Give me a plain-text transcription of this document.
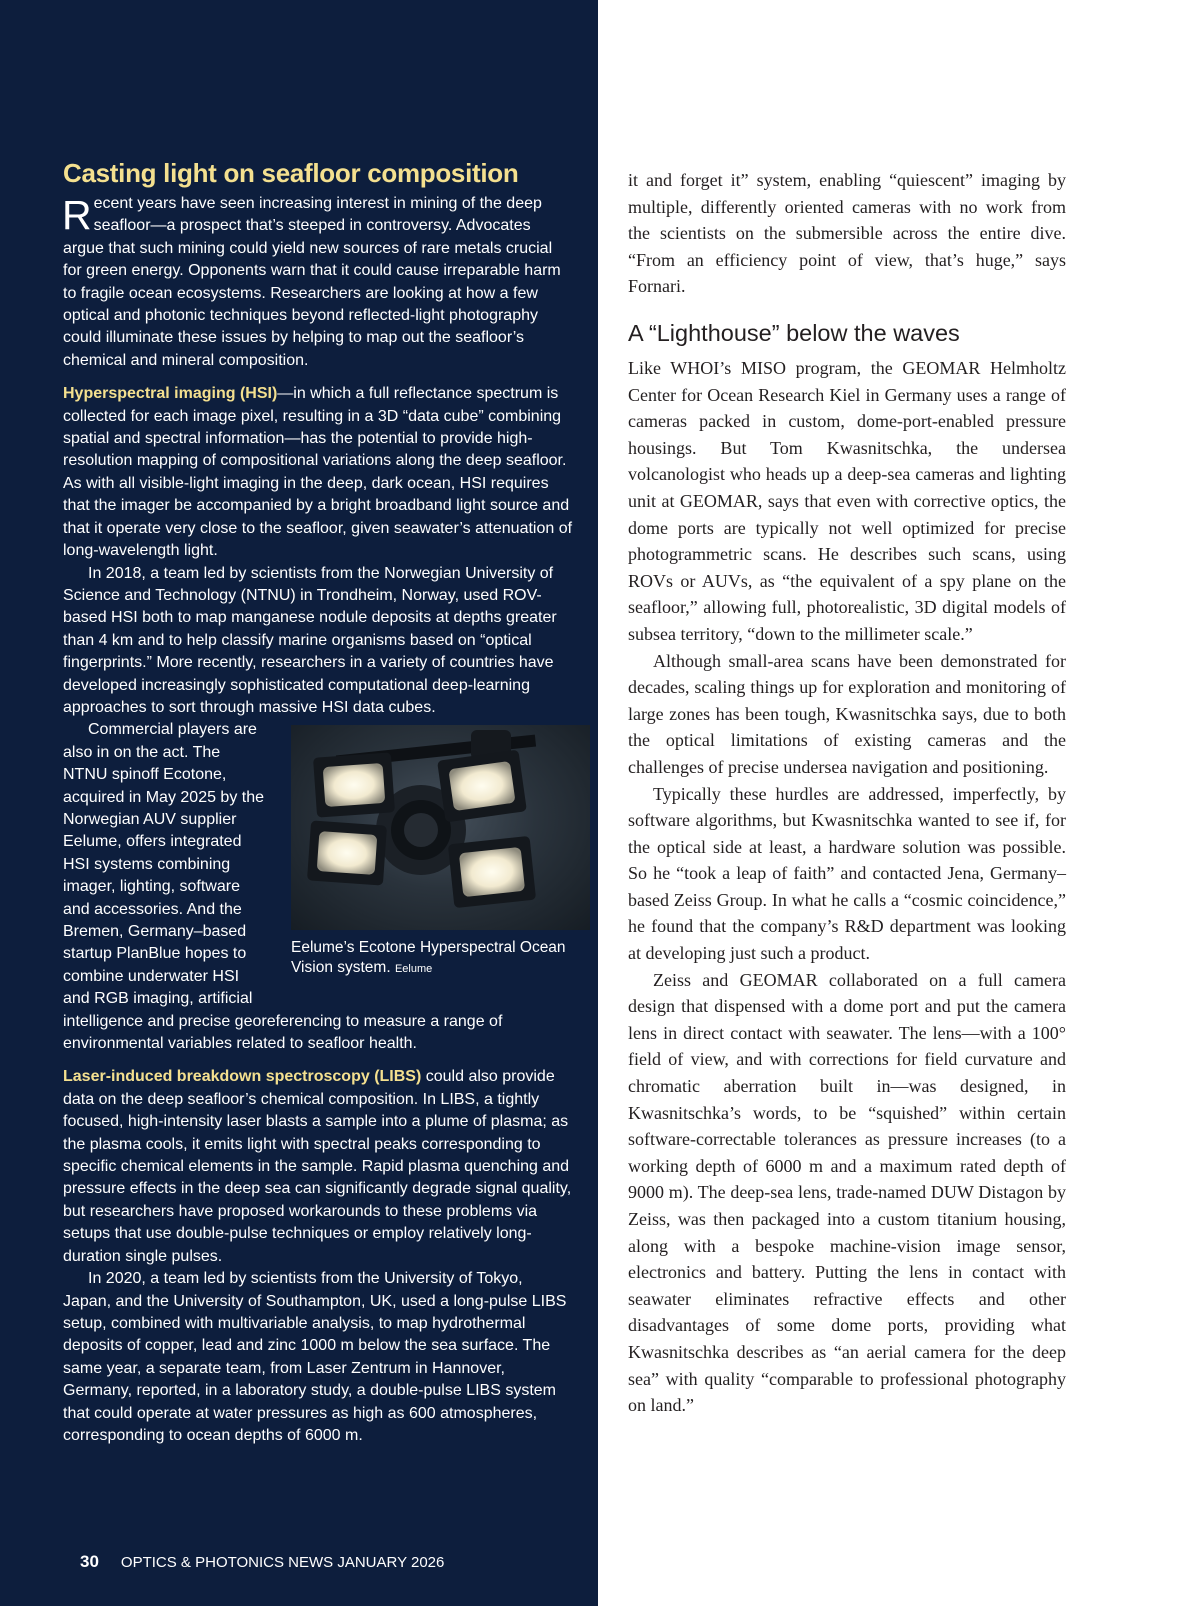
Casting light on seafloor composition

Recent years have seen increasing interest in mining of the deep seafloor—a prospect that’s steeped in controversy. Advocates argue that such mining could yield new sources of rare metals crucial for green energy. Opponents warn that it could cause irreparable harm to fragile ocean ecosystems. Researchers are looking at how a few optical and photonic techniques beyond reflected-light photography could illuminate these issues by helping to map out the seafloor’s chemical and mineral composition.

Hyperspectral imaging (HSI)—in which a full reflectance spectrum is collected for each image pixel, resulting in a 3D “data cube” combining spatial and spectral information—has the potential to provide high-resolution mapping of compositional variations along the deep seafloor. As with all visible-light imaging in the deep, dark ocean, HSI requires that the imager be accompanied by a bright broadband light source and that it operate very close to the seafloor, given seawater’s attenuation of long-wavelength light.

In 2018, a team led by scientists from the Norwegian University of Science and Technology (NTNU) in Trondheim, Norway, used ROV-based HSI both to map manganese nodule deposits at depths greater than 4 km and to help classify marine organisms based on “optical fingerprints.” More recently, researchers in a variety of countries have developed increasingly sophisticated computational deep-learning approaches to sort through massive HSI data cubes.

Eelume’s Ecotone Hyperspectral Ocean Vision system. Eelume

Commercial players are also in on the act. The NTNU spinoff Ecotone, acquired in May 2025 by the Norwegian AUV supplier Eelume, offers integrated HSI systems combining imager, lighting, software and accessories. And the Bremen, Germany–based startup PlanBlue hopes to combine underwater HSI and RGB imaging, artificial intelligence and precise georeferencing to measure a range of environmental variables related to seafloor health.

Laser-induced breakdown spectroscopy (LIBS) could also provide data on the deep seafloor’s chemical composition. In LIBS, a tightly focused, high-intensity laser blasts a sample into a plume of plasma; as the plasma cools, it emits light with spectral peaks corresponding to specific chemical elements in the sample. Rapid plasma quenching and pressure effects in the deep sea can significantly degrade signal quality, but researchers have proposed workarounds to these problems via setups that use double-pulse techniques or employ relatively long-duration single pulses.

In 2020, a team led by scientists from the University of Tokyo, Japan, and the University of Southampton, UK, used a long-pulse LIBS setup, combined with multivariable analysis, to map hydrothermal deposits of copper, lead and zinc 1000 m below the sea surface. The same year, a separate team, from Laser Zentrum in Hannover, Germany, reported, in a laboratory study, a double-pulse LIBS system that could operate at water pressures as high as 600 atmospheres, corresponding to ocean depths of 6000 m.

30 OPTICS & PHOTONICS NEWS JANUARY 2026

it and forget it” system, enabling “quiescent” imaging by multiple, differently oriented cameras with no work from the scientists on the submersible across the entire dive. “From an efficiency point of view, that’s huge,” says Fornari.

A “Lighthouse” below the waves

Like WHOI’s MISO program, the GEOMAR Helmholtz Center for Ocean Research Kiel in Germany uses a range of cameras packed in custom, dome-port-enabled pressure housings. But Tom Kwasnitschka, the undersea volcanologist who heads up a deep-sea cameras and lighting unit at GEOMAR, says that even with corrective optics, the dome ports are typically not well optimized for precise photogrammetric scans. He describes such scans, using ROVs or AUVs, as “the equivalent of a spy plane on the seafloor,” allowing full, photorealistic, 3D digital models of subsea territory, “down to the millimeter scale.”

Although small-area scans have been demonstrated for decades, scaling things up for exploration and monitoring of large zones has been tough, Kwasnitschka says, due to both the optical limitations of existing cameras and the challenges of precise undersea navigation and positioning.

Typically these hurdles are addressed, imperfectly, by software algorithms, but Kwasnitschka wanted to see if, for the optical side at least, a hardware solution was possible. So he “took a leap of faith” and contacted Jena, Germany–based Zeiss Group. In what he calls a “cosmic coincidence,” he found that the company’s R&D department was looking at developing just such a product.

Zeiss and GEOMAR collaborated on a full camera design that dispensed with a dome port and put the camera lens in direct contact with seawater. The lens—with a 100° field of view, and with corrections for field curvature and chromatic aberration built in—was designed, in Kwasnitschka’s words, to be “squished” within certain software-correctable tolerances as pressure increases (to a working depth of 6000 m and a maximum rated depth of 9000 m). The deep-sea lens, trade-named DUW Distagon by Zeiss, was then packaged into a custom titanium housing, along with a bespoke machine-vision image sensor, electronics and battery. Putting the lens in contact with seawater eliminates refractive effects and other disadvantages of some dome ports, providing what Kwasnitschka describes as “an aerial camera for the deep sea” with quality “comparable to professional photography on land.”
